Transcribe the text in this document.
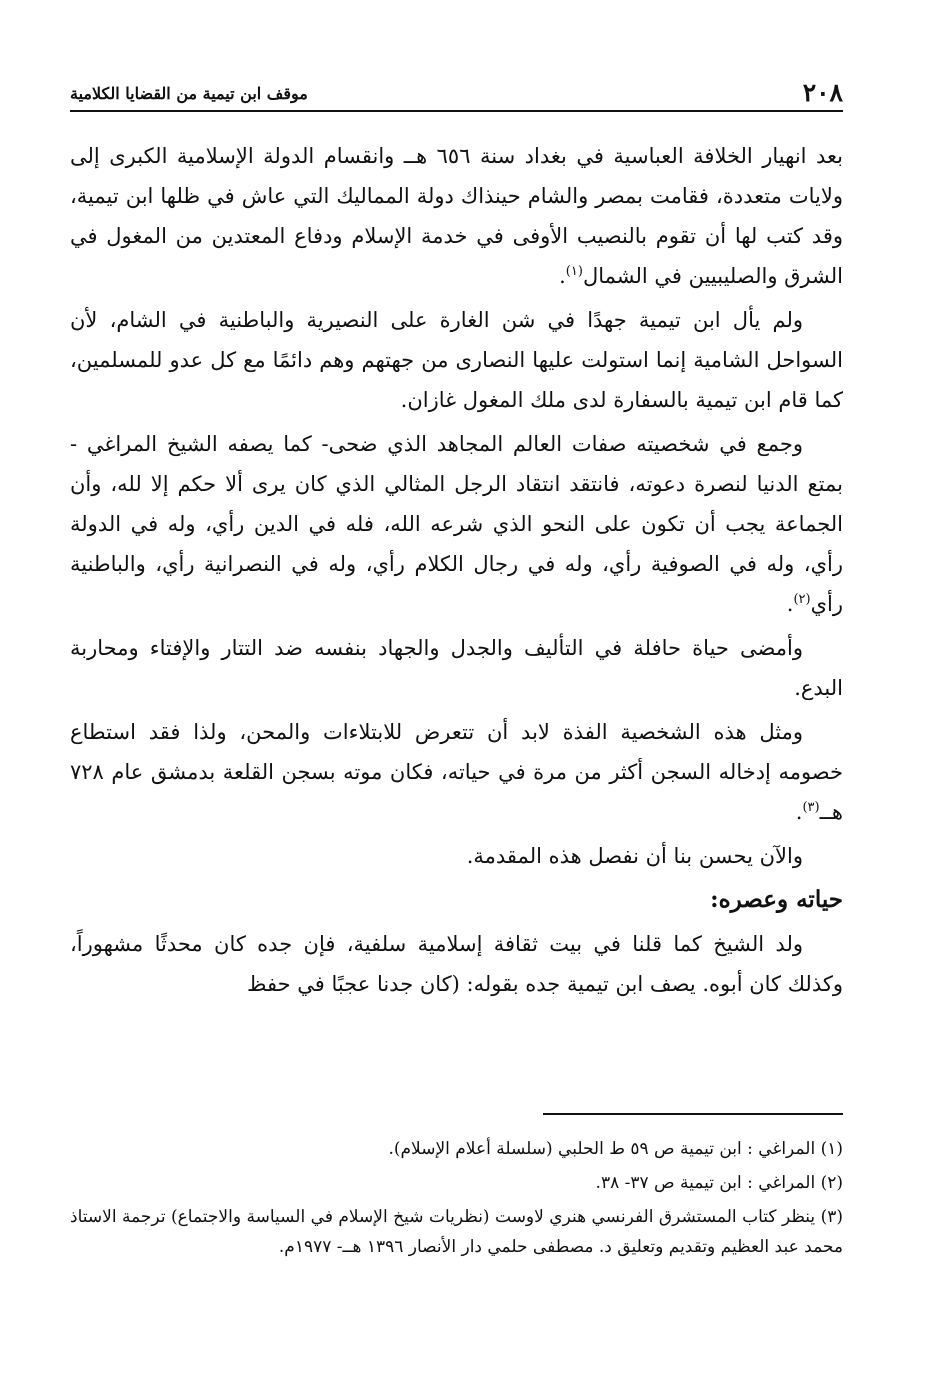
٢٠٨
موقف ابن تيمية من القضايا الكلامية

بعد انهيار الخلافة العباسية في بغداد سنة ٦٥٦ هــ وانقسام الدولة الإسلامية الكبرى إلى ولايات متعددة، فقامت بمصر والشام حينذاك دولة المماليك التي عاش في ظلها ابن تيمية، وقد كتب لها أن تقوم بالنصيب الأوفى في خدمة الإسلام ودفاع المعتدين من المغول في الشرق والصليبيين في الشمال$^{(١)}$.

ولم يأل ابن تيمية جهدًا في شن الغارة على النصيرية والباطنية في الشام، لأن السواحل الشامية إنما استولت عليها النصارى من جهتهم وهم دائمًا مع كل عدو للمسلمين، كما قام ابن تيمية بالسفارة لدى ملك المغول غازان.

وجمع في شخصيته صفات العالم المجاهد الذي ضحى- كما يصفه الشيخ المراغي - بمتع الدنيا لنصرة دعوته، فانتقد انتقاد الرجل المثالي الذي كان يرى ألا حكم إلا لله، وأن الجماعة يجب أن تكون على النحو الذي شرعه الله، فله في الدين رأي، وله في الدولة رأي، وله في الصوفية رأي، وله في رجال الكلام رأي، وله في النصرانية رأي، والباطنية رأي$^{(٢)}$.

وأمضى حياة حافلة في التأليف والجدل والجهاد بنفسه ضد التتار والإفتاء ومحاربة البدع.

ومثل هذه الشخصية الفذة لابد أن تتعرض للابتلاءات والمحن، ولذا فقد استطاع خصومه إدخاله السجن أكثر من مرة في حياته، فكان موته بسجن القلعة بدمشق عام ٧٢٨ هــ$^{(٣)}$.

والآن يحسن بنا أن نفصل هذه المقدمة.

حياته وعصره:

ولد الشيخ كما قلنا في بيت ثقافة إسلامية سلفية، فإن جده كان محدثًا مشهوراً، وكذلك كان أبوه. يصف ابن تيمية جده بقوله: (كان جدنا عجبًا في حفظ

(١) المراغي : ابن تيمية ص ٥٩ ط الحلبي (سلسلة أعلام الإسلام).

(٢) المراغي : ابن تيمية ص ٣٧- ٣٨.

(٣) ينظر كتاب المستشرق الفرنسي هنري لاوست (نظريات شيخ الإسلام في السياسة والاجتماع) ترجمة الاستاذ محمد عبد العظيم وتقديم وتعليق د. مصطفى حلمي دار الأنصار ١٣٩٦ هــ- ١٩٧٧م.
